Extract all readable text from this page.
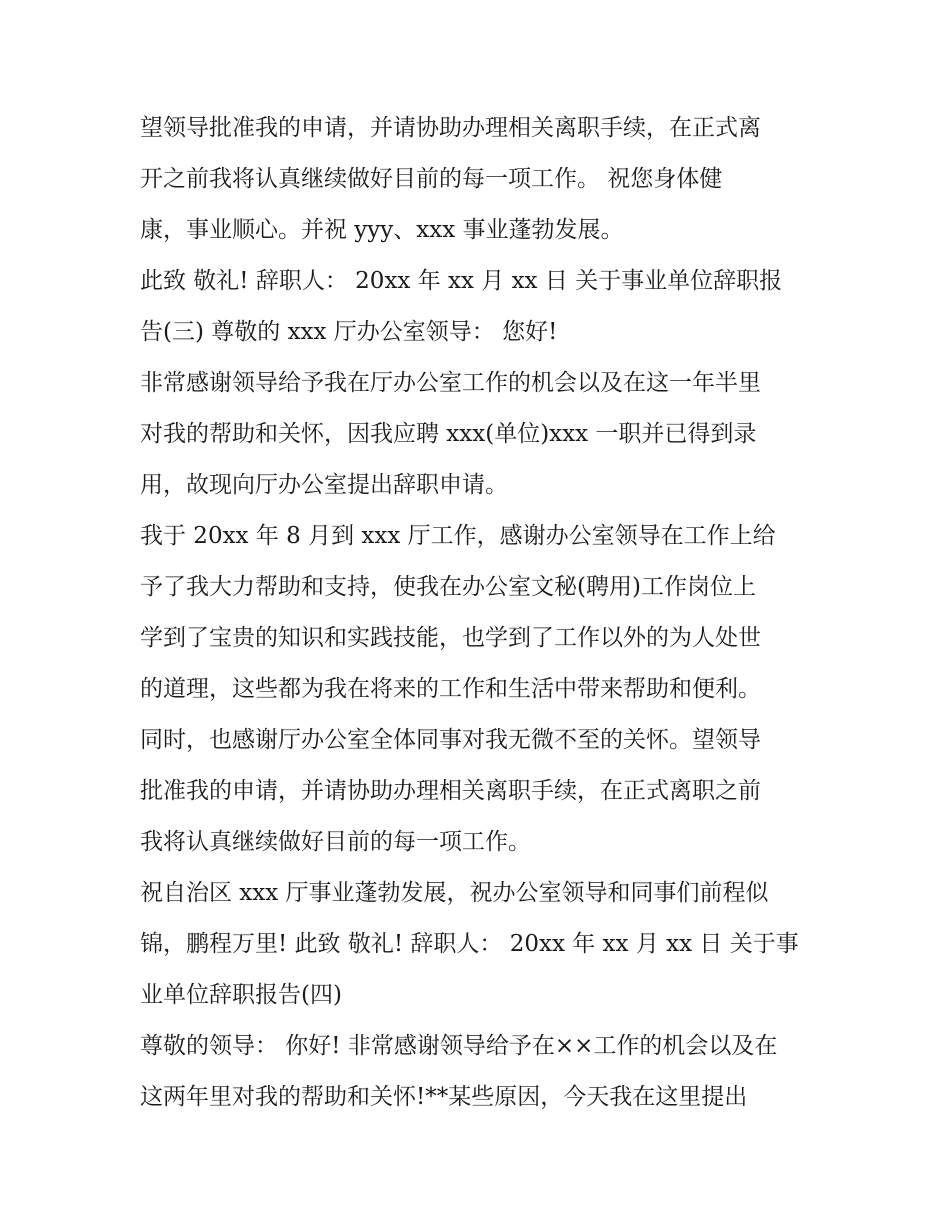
望领导批准我的申请，并请协助办理相关离职手续，在正式离
开之前我将认真继续做好目前的每一项工作。 祝您身体健
康，事业顺心。并祝 yyy、xxx 事业蓬勃发展。
此致 敬礼! 辞职人： 20xx 年 xx 月 xx 日 关于事业单位辞职报
告(三) 尊敬的 xxx 厅办公室领导： 您好!
非常感谢领导给予我在厅办公室工作的机会以及在这一年半里
对我的帮助和关怀，因我应聘 xxx(单位)xxx 一职并已得到录
用，故现向厅办公室提出辞职申请。
我于 20xx 年 8 月到 xxx 厅工作，感谢办公室领导在工作上给
予了我大力帮助和支持，使我在办公室文秘(聘用)工作岗位上
学到了宝贵的知识和实践技能，也学到了工作以外的为人处世
的道理，这些都为我在将来的工作和生活中带来帮助和便利。
同时，也感谢厅办公室全体同事对我无微不至的关怀。望领导
批准我的申请，并请协助办理相关离职手续，在正式离职之前
我将认真继续做好目前的每一项工作。
祝自治区 xxx 厅事业蓬勃发展，祝办公室领导和同事们前程似
锦，鹏程万里! 此致 敬礼! 辞职人： 20xx 年 xx 月 xx 日 关于事
业单位辞职报告(四)
尊敬的领导： 你好! 非常感谢领导给予在××工作的机会以及在
这两年里对我的帮助和关怀!**某些原因，今天我在这里提出
